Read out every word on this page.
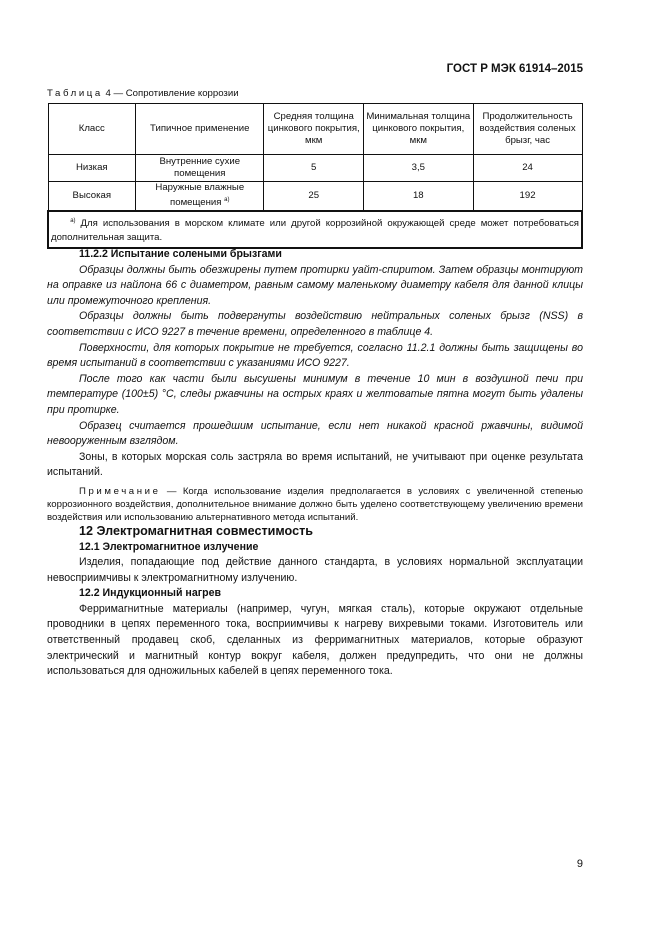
ГОСТ Р МЭК 61914–2015
Таблица 4 — Сопротивление коррозии
Класс	Типичное применение	Средняя толщина цинкового покрытия, мкм	Минимальная толщина цинкового покрытия, мкм	Продолжительность воздействия соленых брызг, час
Низкая	Внутренние сухие помещения	5	3,5	24
Высокая	Наружные влажные помещения $^{а)}$	25	18	192
  $^{а)}$ Для использования в морском климате или другой коррозийной окружающей среде может потребоваться дополнительная защита.				

11.2.2 Испытание солеными брызгами

Образцы должны быть обезжирены путем протирки уайт-спиритом. Затем образцы монтируют на оправке из найлона 66 с диаметром, равным самому маленькому диаметру кабеля для данной клицы или промежуточного крепления.

Образцы должны быть подвергнуты воздействию нейтральных соленых брызг (NSS) в соответствии с ИСО 9227 в течение времени, определенного в таблице 4.

Поверхности, для которых покрытие не требуется, согласно 11.2.1 должны быть защищены во время испытаний в соответствии с указаниями ИСО 9227.

После того как части были высушены минимум в течение 10 мин в воздушной печи при температуре (100±5) °С, следы ржавчины на острых краях и желтоватые пятна могут быть удалены при протирке.

Образец считается прошедшим испытание, если нет никакой красной ржавчины, видимой невооруженным взглядом.

Зоны, в которых морская соль застряла во время испытаний, не учитывают при оценке результата испытаний.

Примечание — Когда использование изделия предполагается в условиях с увеличенной степенью коррозионного воздействия, дополнительное внимание должно быть уделено соответствующему увеличению времени воздействия или использованию альтернативного метода испытаний.

12 Электромагнитная совместимость

12.1 Электромагнитное излучение

Изделия, попадающие под действие данного стандарта, в условиях нормальной эксплуатации невосприимчивы к электромагнитному излучению.

12.2 Индукционный нагрев

Ферримагнитные материалы (например, чугун, мягкая сталь), которые окружают отдельные проводники в цепях переменного тока, восприимчивы к нагреву вихревыми токами. Изготовитель или ответственный продавец скоб, сделанных из ферримагнитных материалов, которые образуют электрический и магнитный контур вокруг кабеля, должен предупредить, что они не должны использоваться для одножильных кабелей в цепях переменного тока.

9
